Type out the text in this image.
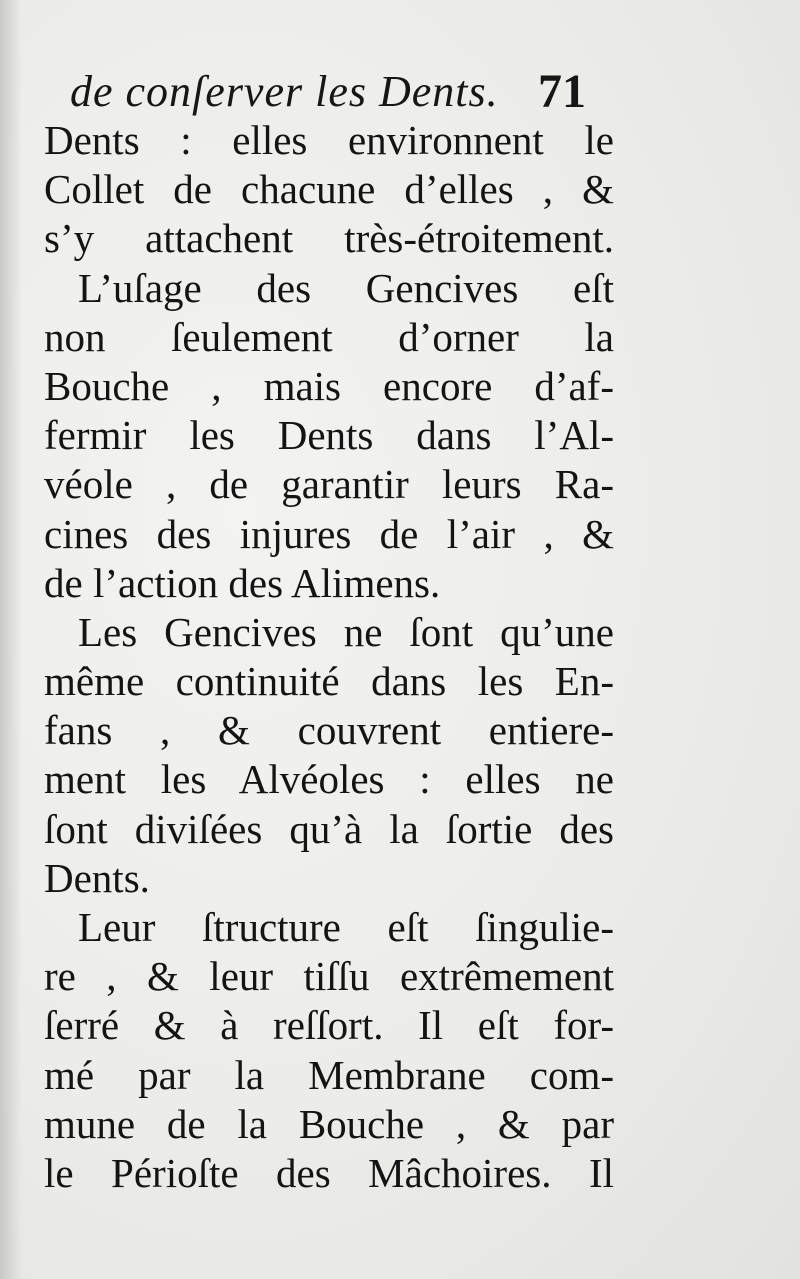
de conſerver les Dents. 71
Dents : elles environnent le
Collet de chacune d’elles , &
s’y attachent très-étroitement.
L’uſage des Gencives eſt
non ſeulement d’orner la
Bouche , mais encore d’af-
fermir les Dents dans l’Al-
véole , de garantir leurs Ra-
cines des injures de l’air , &
de l’action des Alimens.
Les Gencives ne ſont qu’une
même continuité dans les En-
fans , & couvrent entiere-
ment les Alvéoles : elles ne
ſont diviſées qu’à la ſortie des
Dents.
Leur ſtructure eſt ſingulie-
re , & leur tiſſu extrêmement
ſerré & à reſſort. Il eſt for-
mé par la Membrane com-
mune de la Bouche , & par
le Périoſte des Mâchoires. Il
